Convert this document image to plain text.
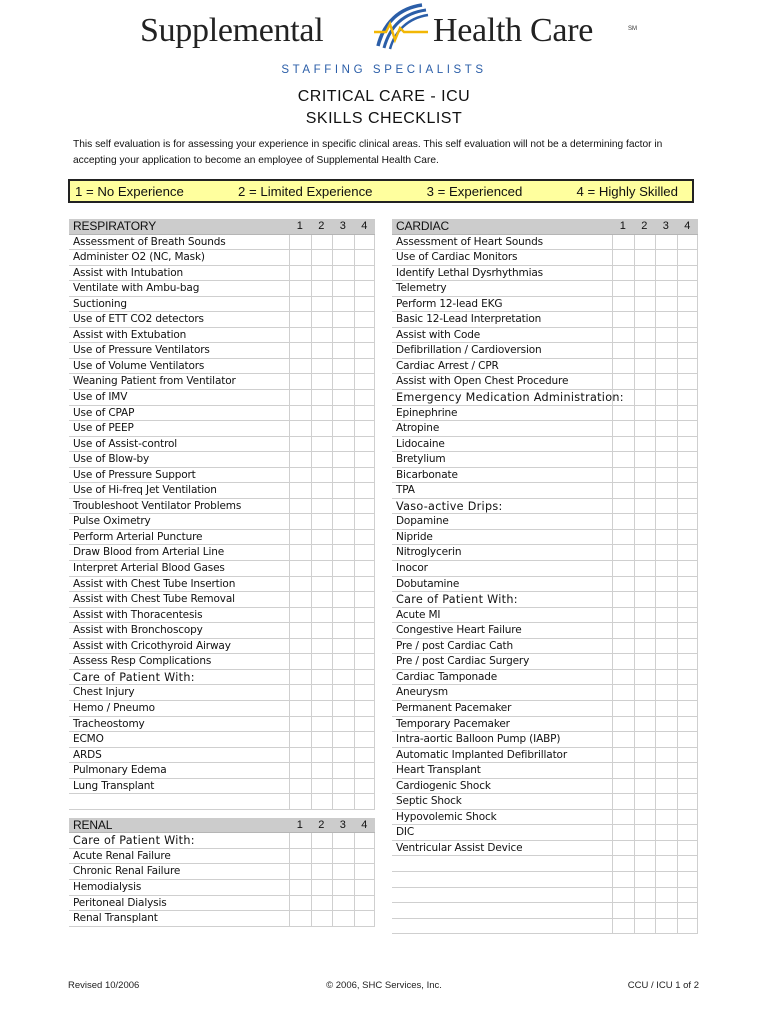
Supplemental	Health Care	SM
STAFFING SPECIALISTS
CRITICAL CARE - ICU
SKILLS CHECKLIST
This self evaluation is for assessing your experience in specific clinical areas. This self evaluation will not be a determining factor in accepting your application to become an employee of Supplemental Health Care.
1 = No Experience	2 = Limited Experience	3 = Experienced	4 = Highly Skilled
RESPIRATORY	1	2	3	4
Assessment of Breath Sounds
Administer O2 (NC, Mask)
Assist with Intubation
Ventilate with Ambu-bag
Suctioning
Use of ETT CO2 detectors
Assist with Extubation
Use of Pressure Ventilators
Use of Volume Ventilators
Weaning Patient from Ventilator
Use of IMV
Use of CPAP
Use of PEEP
Use of Assist-control
Use of Blow-by
Use of Pressure Support
Use of Hi-freq Jet Ventilation
Troubleshoot Ventilator Problems
Pulse Oximetry
Perform Arterial Puncture
Draw Blood from Arterial Line
Interpret Arterial Blood Gases
Assist with Chest Tube Insertion
Assist with Chest Tube Removal
Assist with Thoracentesis
Assist with Bronchoscopy
Assist with Cricothyroid Airway
Assess Resp Complications
Care of Patient With:
Chest Injury
Hemo / Pneumo
Tracheostomy
ECMO
ARDS
Pulmonary Edema
Lung Transplant
RENAL	1	2	3	4
Care of Patient With:
Acute Renal Failure
Chronic Renal Failure
Hemodialysis
Peritoneal Dialysis
Renal Transplant
CARDIAC	1	2	3	4
Assessment of Heart Sounds
Use of Cardiac Monitors
Identify Lethal Dysrhythmias
Telemetry
Perform 12-lead EKG
Basic 12-Lead Interpretation
Assist with Code
Defibrillation / Cardioversion
Cardiac Arrest / CPR
Assist with Open Chest Procedure
Emergency Medication Administration:
Epinephrine
Atropine
Lidocaine
Bretylium
Bicarbonate
TPA
Vaso-active Drips:
Dopamine
Nipride
Nitroglycerin
Inocor
Dobutamine
Care of Patient With:
Acute MI
Congestive Heart Failure
Pre / post Cardiac Cath
Pre / post Cardiac Surgery
Cardiac Tamponade
Aneurysm
Permanent Pacemaker
Temporary Pacemaker
Intra-aortic Balloon Pump (IABP)
Automatic Implanted Defibrillator
Heart Transplant
Cardiogenic Shock
Septic Shock
Hypovolemic Shock
DIC
Ventricular Assist Device
Revised 10/2006	© 2006, SHC Services, Inc.	CCU / ICU 1 of 2
